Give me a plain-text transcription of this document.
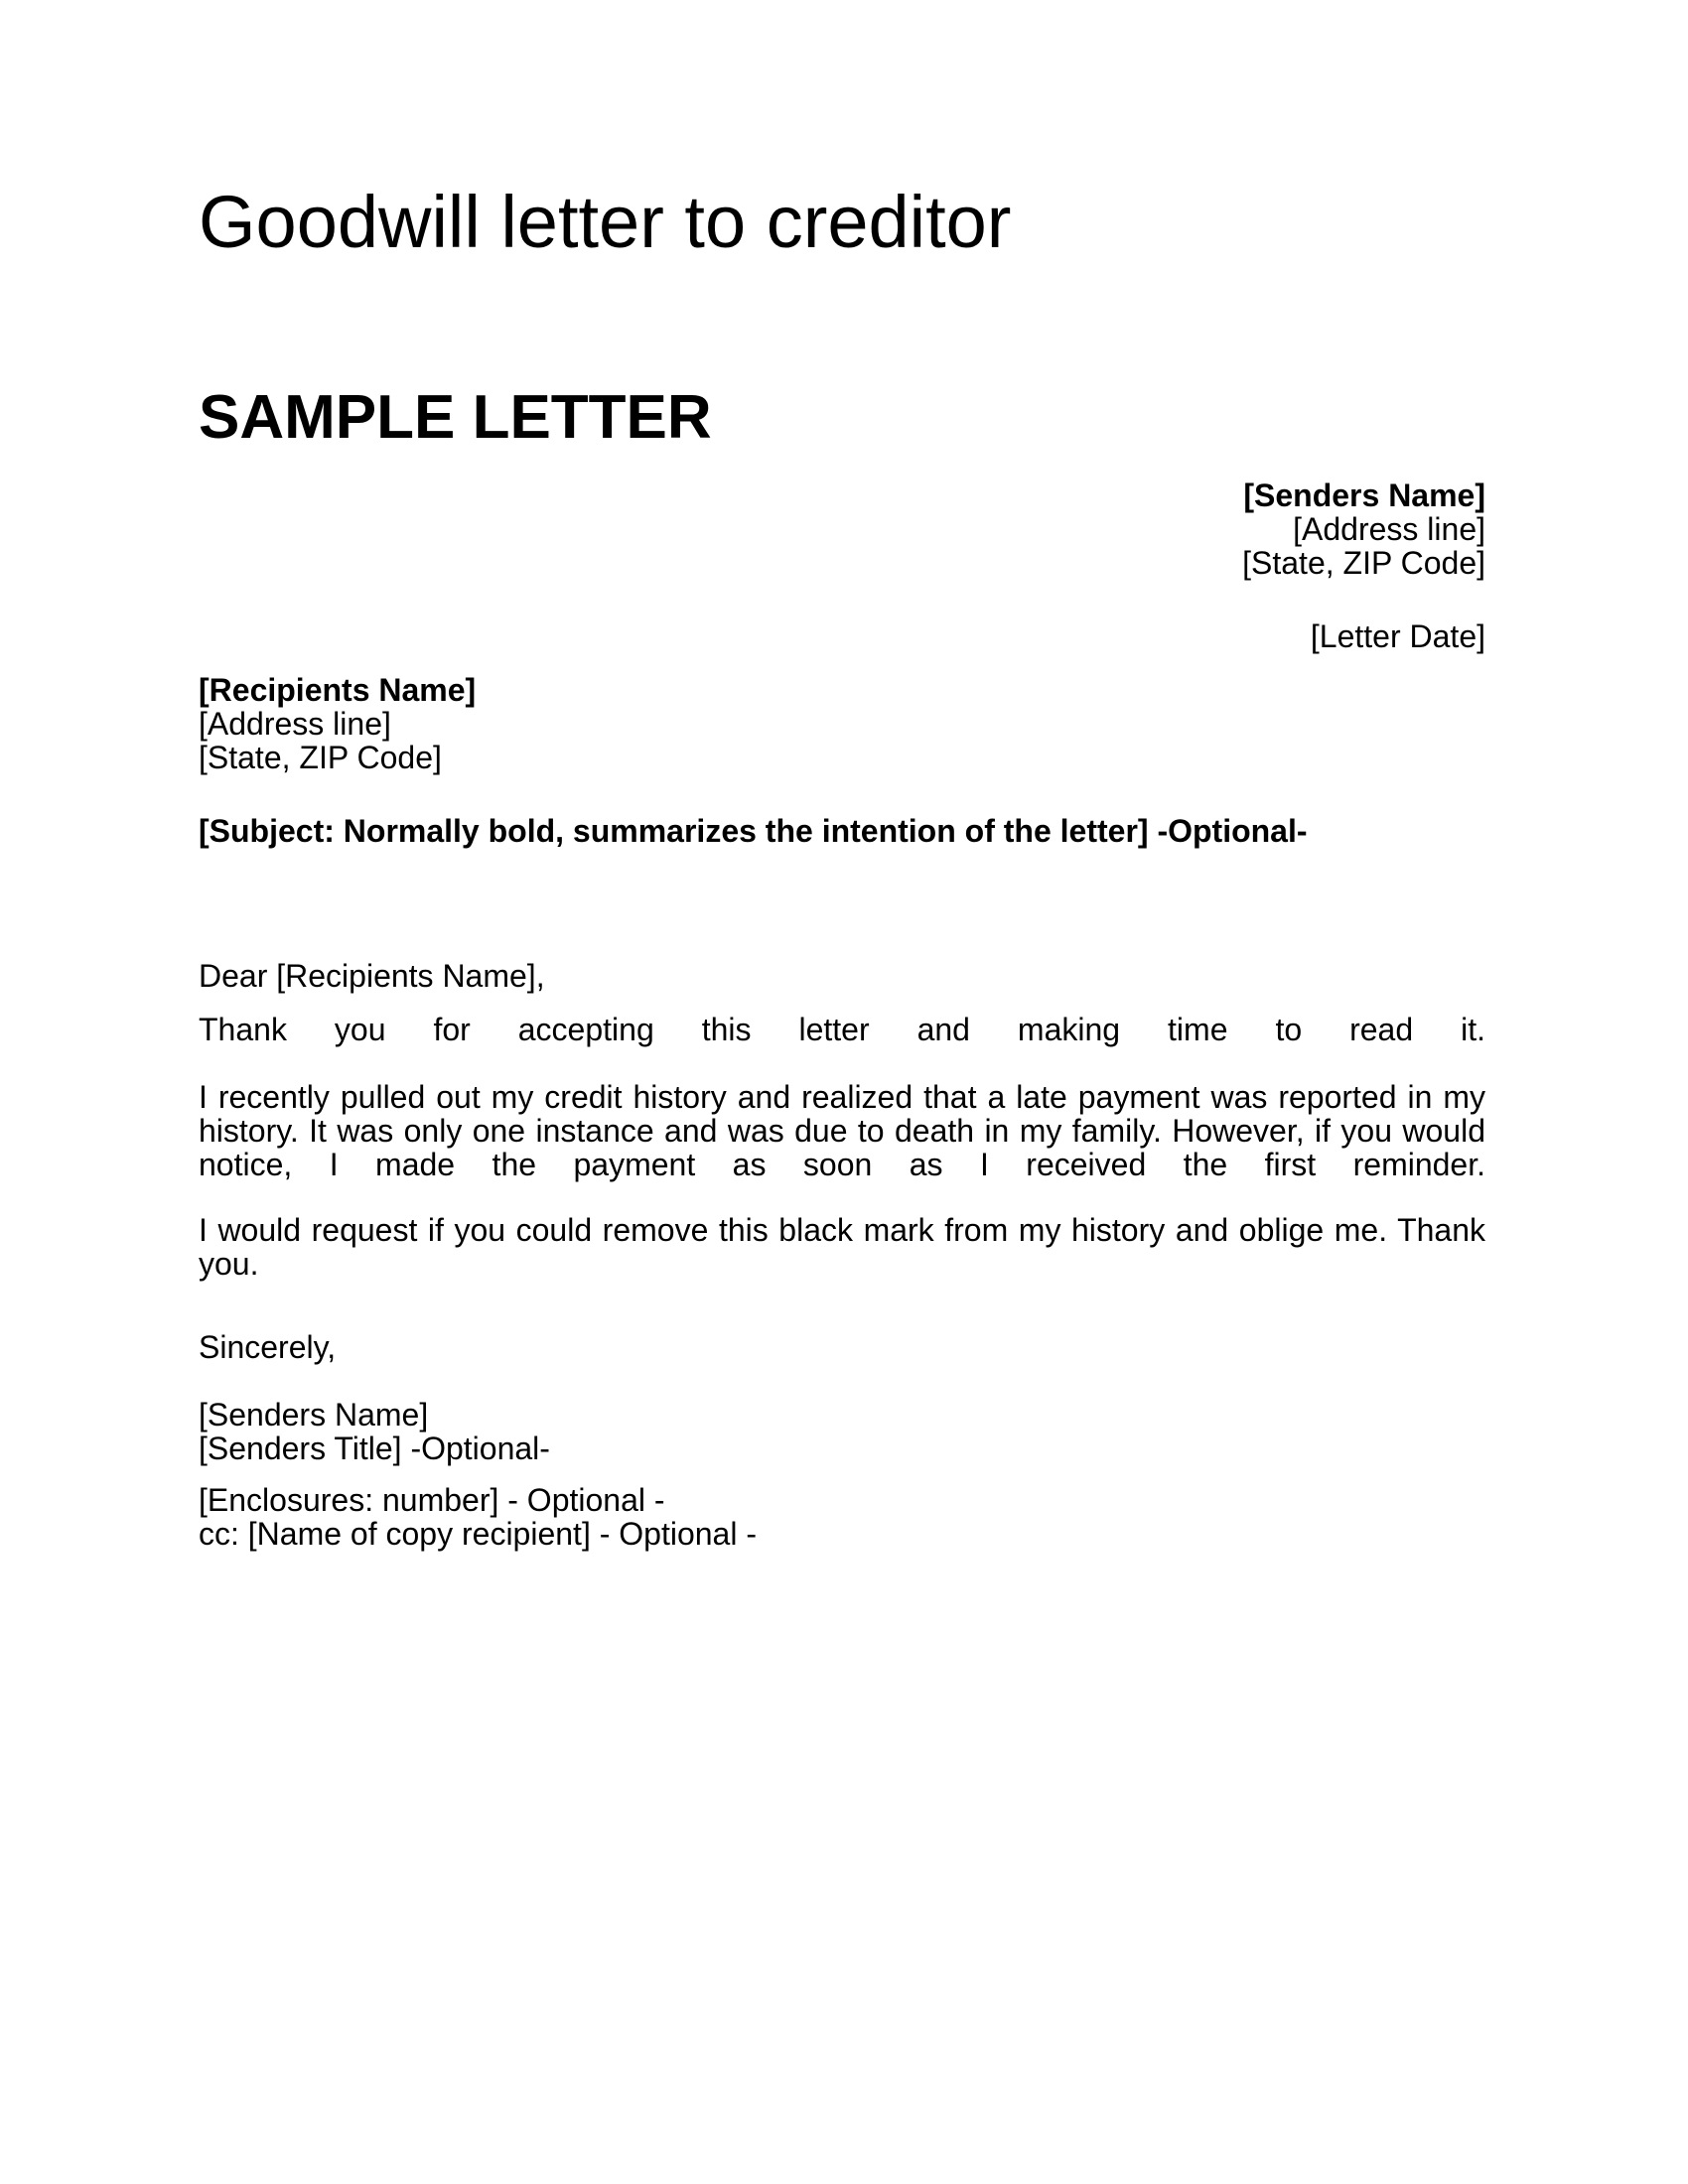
Goodwill letter to creditor
SAMPLE LETTER
[Senders Name]
[Address line]
[State, ZIP Code]
[Letter Date]
[Recipients Name]
[Address line]
[State, ZIP Code]
[Subject: Normally bold, summarizes the intention of the letter] -Optional-
Dear [Recipients Name],

Thank you for accepting this letter and making time to read it.

I recently pulled out my credit history and realized that a late payment was reported in my history. It was only one instance and was due to death in my family. However, if you would notice, I made the payment as soon as I received the first reminder.

I would request if you could remove this black mark from my history and oblige me. Thank you.

Sincerely,
[Senders Name]
[Senders Title] -Optional-
[Enclosures: number] - Optional -
cc: [Name of copy recipient] - Optional -
